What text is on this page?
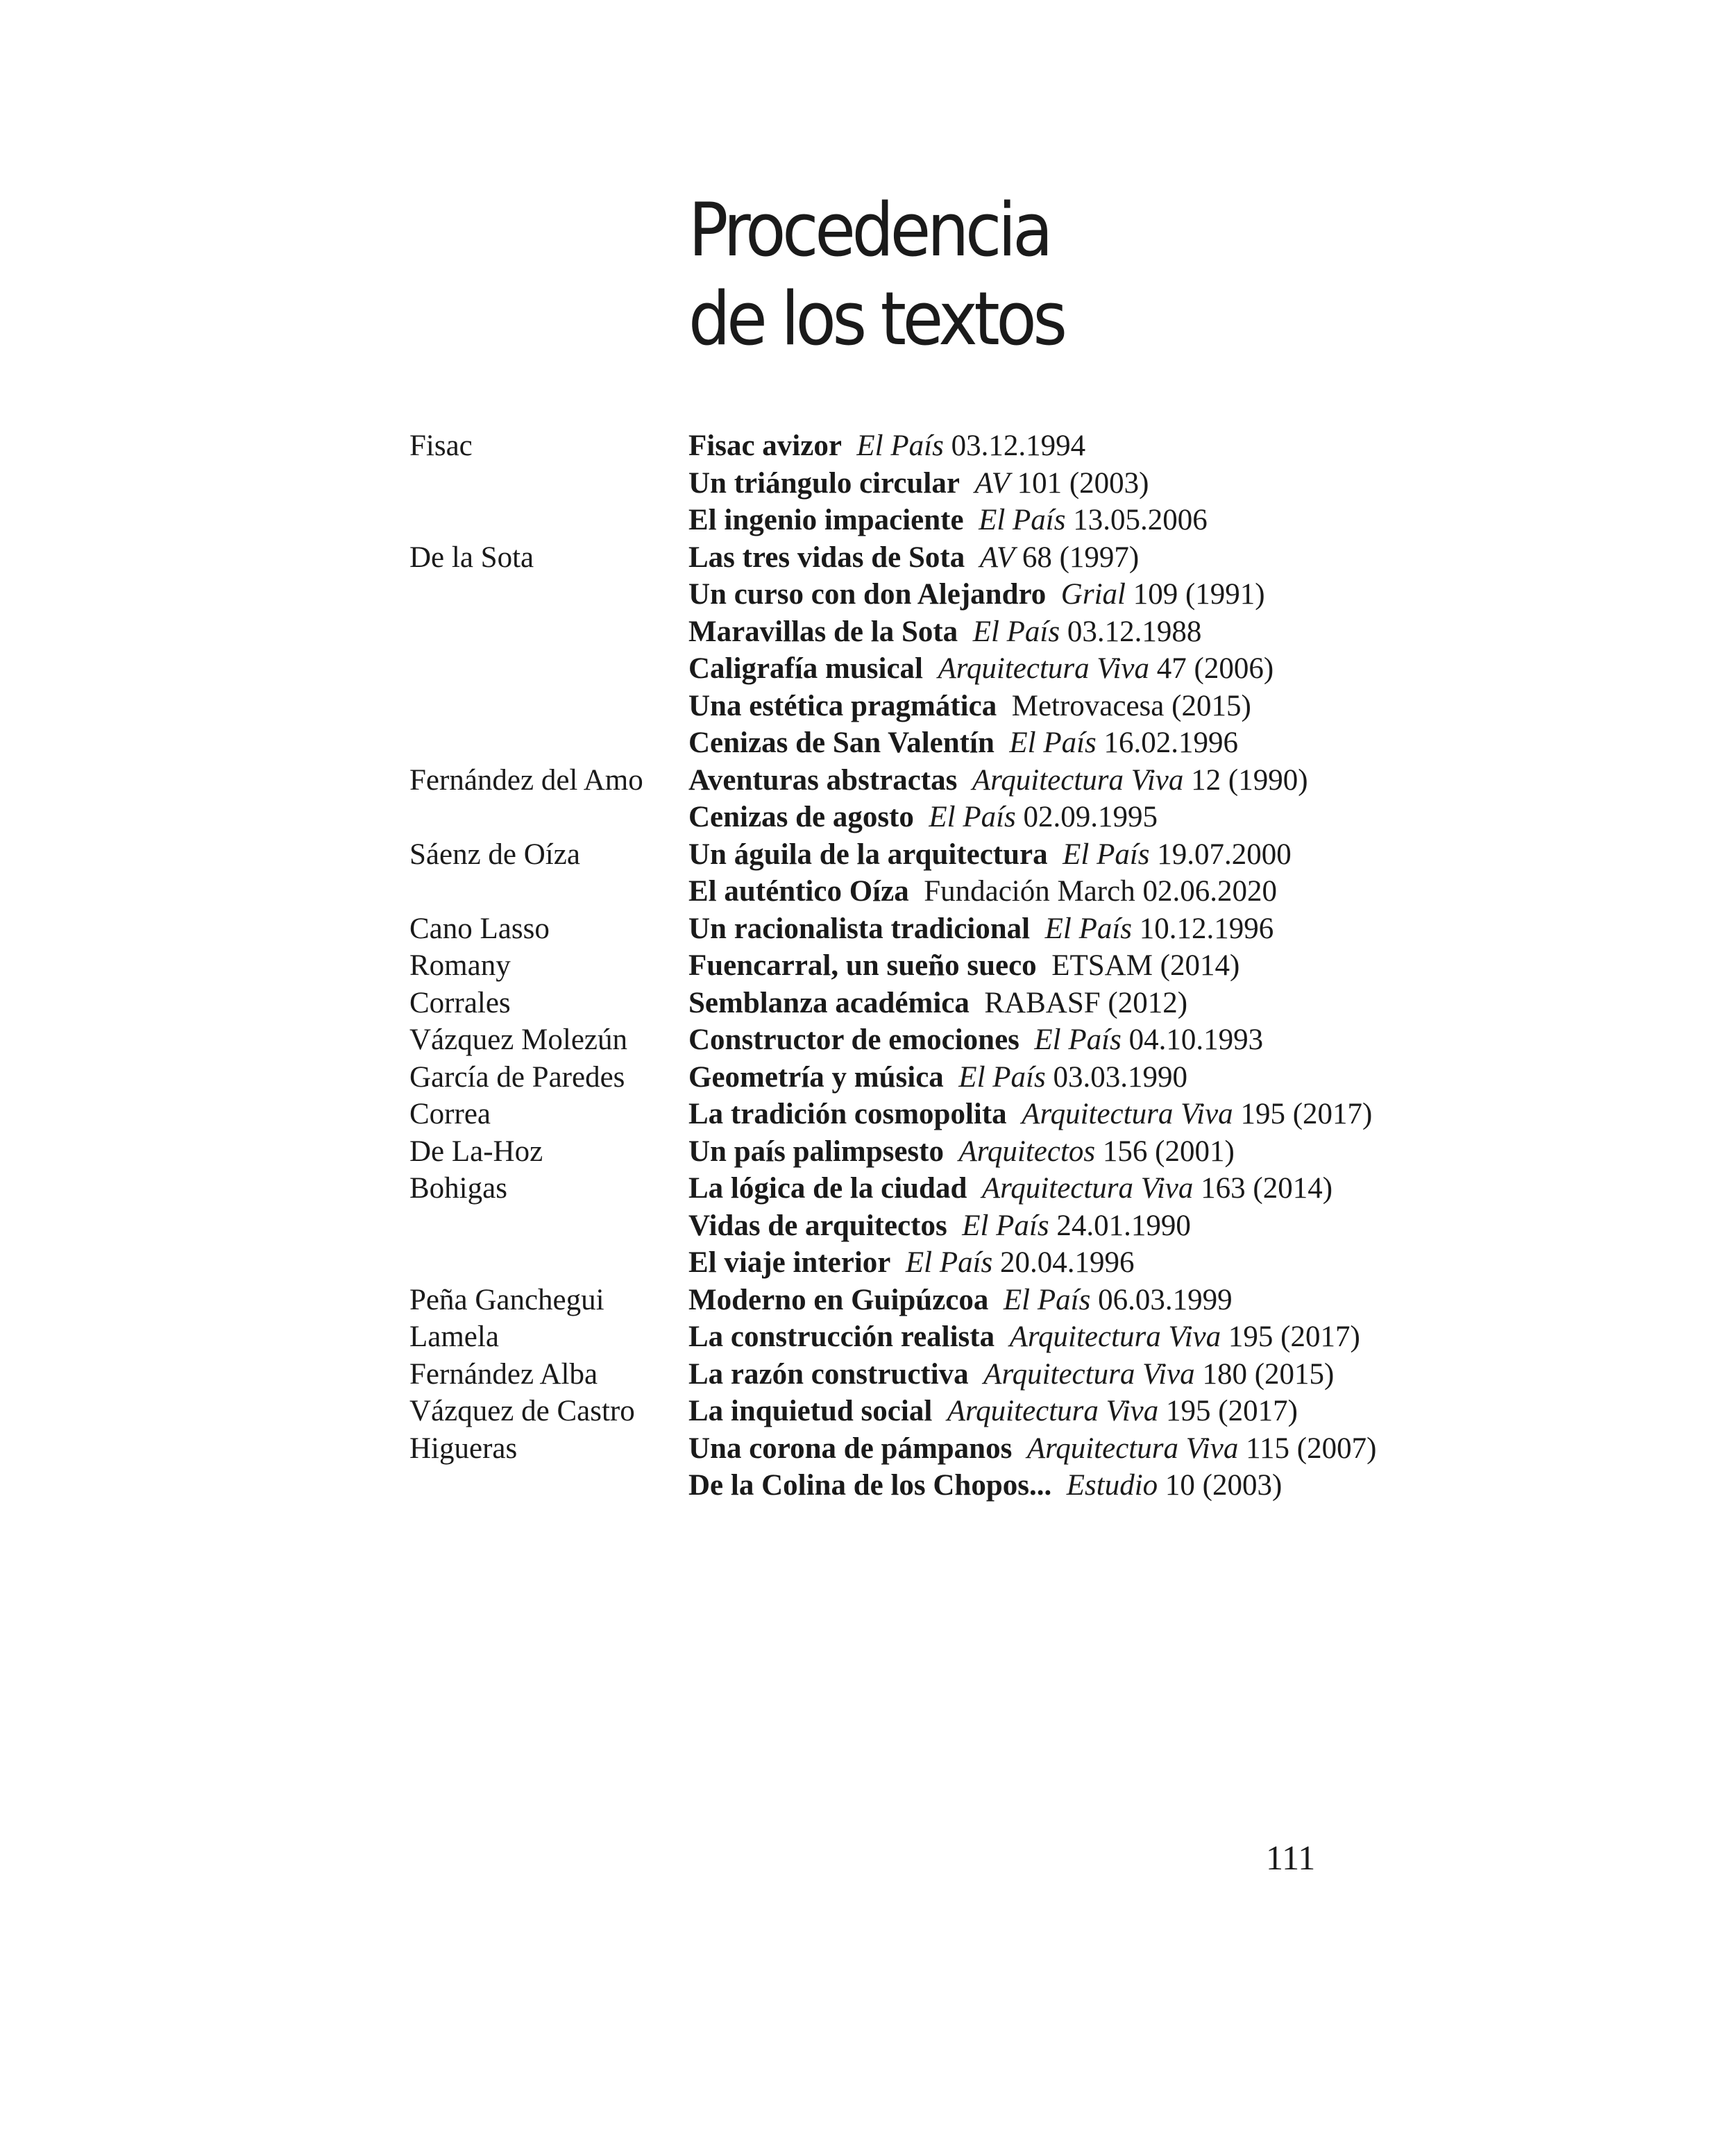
Procedencia
de los textos
Fisac	Fisac avizor El País 03.12.1994
Un triángulo circular AV 101 (2003)
El ingenio impaciente El País 13.05.2006
De la Sota	Las tres vidas de Sota AV 68 (1997)
Un curso con don Alejandro Grial 109 (1991)
Maravillas de la Sota El País 03.12.1988
Caligrafía musical Arquitectura Viva 47 (2006)
Una estética pragmática Metrovacesa (2015)
Cenizas de San Valentín El País 16.02.1996
Fernández del Amo	Aventuras abstractas Arquitectura Viva 12 (1990)
Cenizas de agosto El País 02.09.1995
Sáenz de Oíza	Un águila de la arquitectura El País 19.07.2000
El auténtico Oíza Fundación March 02.06.2020
Cano Lasso	Un racionalista tradicional El País 10.12.1996
Romany	Fuencarral, un sueño sueco ETSAM (2014)
Corrales	Semblanza académica RABASF (2012)
Vázquez Molezún	Constructor de emociones El País 04.10.1993
García de Paredes	Geometría y música El País 03.03.1990
Correa	La tradición cosmopolita Arquitectura Viva 195 (2017)
De La-Hoz	Un país palimpsesto Arquitectos 156 (2001)
Bohigas	La lógica de la ciudad Arquitectura Viva 163 (2014)
Vidas de arquitectos El País 24.01.1990
El viaje interior El País 20.04.1996
Peña Ganchegui	Moderno en Guipúzcoa El País 06.03.1999
Lamela	La construcción realista Arquitectura Viva 195 (2017)
Fernández Alba	La razón constructiva Arquitectura Viva 180 (2015)
Vázquez de Castro	La inquietud social Arquitectura Viva 195 (2017)
Higueras	Una corona de pámpanos Arquitectura Viva 115 (2007)
De la Colina de los Chopos... Estudio 10 (2003)
111
